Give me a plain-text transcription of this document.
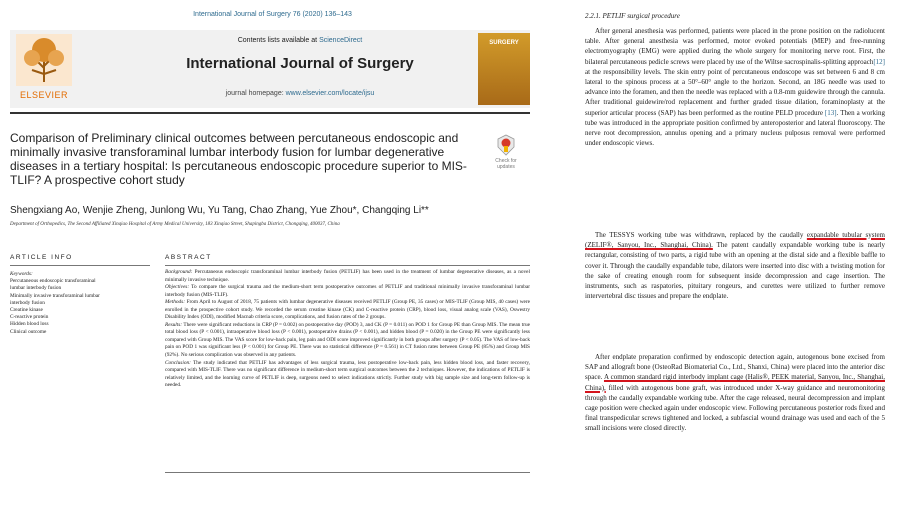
International Journal of Surgery 76 (2020) 136–143
ELSEVIER
Contents lists available at ScienceDirect
International Journal of Surgery
journal homepage: www.elsevier.com/locate/ijsu
SURGERY
Comparison of Preliminary clinical outcomes between percutaneous endoscopic and minimally invasive transforaminal lumbar interbody fusion for lumbar degenerative diseases in a tertiary hospital: Is percutaneous endoscopic procedure superior to MIS-TLIF? A prospective cohort study
Check for updates
Shengxiang Ao, Wenjie Zheng, Junlong Wu, Yu Tang, Chao Zhang, Yue Zhou*, Changqing Li**
Department of Orthopedics, The Second Affiliated Xinqiao Hospital of Army Medical University, 183 Xinqiao Street, Shapingba District, Chongqing, 400037, China
ARTICLE INFO	ABSTRACT
Keywords:
Percutaneous endoscopic transforaminal
lumbar interbody fusion
Minimally invasive transforaminal lumbar
interbody fusion
Creatine kinase
C-reactive protein
Hidden blood loss
Clinical outcome

Background: Percutaneous endoscopic transforaminal lumbar interbody fusion (PETLIF) has been used in the treatment of lumbar degenerative diseases, as a novel minimally invasive technique.

Objectives: To compare the surgical trauma and the medium-short term postoperative outcomes of PETLIF and traditional minimally invasive transforaminal lumbar interbody fusion (MIS-TLIF).

Methods: From April to August of 2018, 75 patients with lumbar degenerative diseases received PETLIF (Group PE, 35 cases) or MIS-TLIF (Group MIS, 40 cases) were enrolled in the prospective cohort study. We recorded the serum creatine kinase (CK) and C-reactive protein (CRP), blood loss, visual analog scale (VAS), Oswestry Disability Index (ODI), modified Macnab criteria score, complications, and fusion rates of the 2 groups.

Results: There were significant reductions in CRP (P = 0.002) on postoperative day (POD) 3, and CK (P = 0.011) on POD 1 for Group PE than Group MIS. The mean true total blood loss (P < 0.001), intraoperative blood loss (P < 0.001), postoperative drains (P < 0.001), and hidden blood (P = 0.020) in the Group PE were significantly less compared with Group MIS. The VAS score for low-back pain, leg pain and ODI score improved significantly in both groups after surgery (P < 0.05). The VAS of low-back pain on POD 1 was significant less (P < 0.001) for Group PE. There was no statistical difference (P = 0.561) in CT fusion rates between Group PE (85%) and Group MIS (92%). No serious complication was observed in any patients.

Conclusion: The study indicated that PETLIF has advantages of less surgical trauma, less postoperative low-back pain, less hidden blood loss, and faster recovery, compared with MIS-TLIF. There was no significant difference in medium-short term surgical outcomes between the 2 techniques. However, the indications of PETLIF is relatively limited, and the learning curve of PETLIF is deep, surgeons need to select indications strictly. Further study with big sample size and long-term follow-up is needed.

2.2.1. PETLIF surgical procedure

After general anesthesia was performed, patients were placed in the prone position on the radiolucent table. After general anesthesia was performed, motor evoked potentials (MEP) and free-running electromyography (EMG) were applied during the whole surgery for monitoring nerve root. First, the bilateral percutaneous pedicle screws were placed by use of the Wiltse sacrospinalis-splitting approach[12] at the responsibility levels. The skin entry point of percutaneous endoscope was set between 6 and 8 cm lateral to the spinous process at a 50°–60° angle to the horizon. Second, an 18G needle was used to advance into the foramen, and then the needle was replaced with a 0.8-mm guidewire through the cannula. After traditional guidewire/rod replacement and further graded tissue dilation, foraminoplasty at the superior articular process (SAP) has been performed as the routine PELD procedure [13]. Then a working tube was introduced in the appropriate position confirmed by anteroposterior and lateral fluoroscopy. The nerve root decompression, annulus opening and a primary nucleus pulposus removal were performed under endoscopic views.

The TESSYS working tube was withdrawn, replaced by the caudally expandable tubular system (ZELIF®, Sanyou, Inc., Shanghai, China). The patent caudally expandable working tube is nearly rectangular, consisting of two parts, a rigid tube with an opening at the distal side and a flexible baffle to cover it. Through the caudally expandable tube, dilators were inserted into disc with a twisting motion for the sake of creating enough room for subsequent inside decompression and cage insertion. The instruments, such as raspatories, pituitary rongeurs, and curettes were utilized to further remove intervertebral disc tissues and prepare the endplate.

After endplate preparation confirmed by endoscopic detection again, autogenous bone excised from SAP and allograft bone (OsteoRad Biomaterial Co., Ltd., Shanxi, China) were placed into the anterior disc space. A common standard rigid interbody implant cage (Halis®, PEEK material, Sanyou, Inc., Shanghai, China), filled with autogenous bone graft, was introduced under X-way guidance and neuromonitoring through the caudally expandable working tube. After the cage released, neural decompression and implant cage position were checked again under endoscopic view. Following percutaneous posterior rods fixed and final transpedicular screws tightened and locked, a subfascial wound drainage was used and each of the 5 small incisions were closed directly.
